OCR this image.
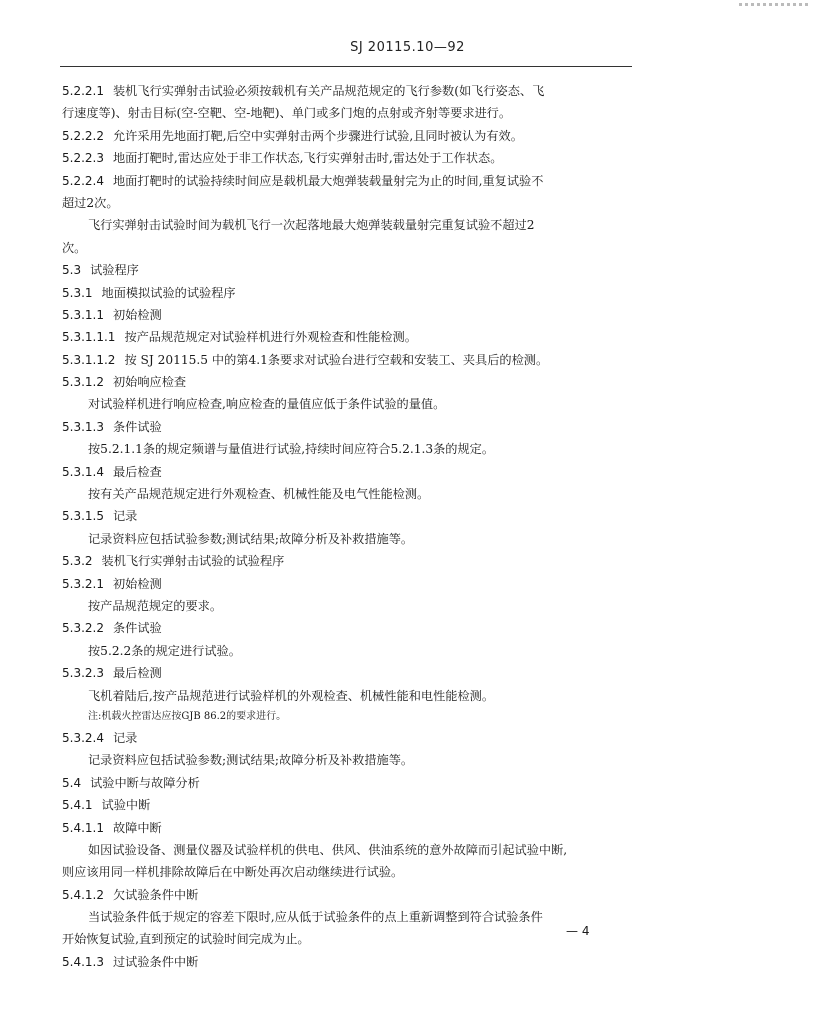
SJ 20115.10—92
5.2.2.1 装机飞行实弹射击试验必须按载机有关产品规范规定的飞行参数(如飞行姿态、飞
行速度等)、射击目标(空-空靶、空-地靶)、单门或多门炮的点射或齐射等要求进行。
5.2.2.2 允许采用先地面打靶,后空中实弹射击两个步骤进行试验,且同时被认为有效。
5.2.2.3 地面打靶时,雷达应处于非工作状态,飞行实弹射击时,雷达处于工作状态。
5.2.2.4 地面打靶时的试验持续时间应是载机最大炮弹装载量射完为止的时间,重复试验不
超过2次。
飞行实弹射击试验时间为载机飞行一次起落地最大炮弹装载量射完重复试验不超过2
次。
5.3 试验程序
5.3.1 地面模拟试验的试验程序
5.3.1.1 初始检测
5.3.1.1.1 按产品规范规定对试验样机进行外观检查和性能检测。
5.3.1.1.2 按 SJ 20115.5 中的第4.1条要求对试验台进行空载和安装工、夹具后的检测。
5.3.1.2 初始响应检查
对试验样机进行响应检查,响应检查的量值应低于条件试验的量值。
5.3.1.3 条件试验
按5.2.1.1条的规定频谱与量值进行试验,持续时间应符合5.2.1.3条的规定。
5.3.1.4 最后检查
按有关产品规范规定进行外观检查、机械性能及电气性能检测。
5.3.1.5 记录
记录资料应包括试验参数;测试结果;故障分析及补救措施等。
5.3.2 装机飞行实弹射击试验的试验程序
5.3.2.1 初始检测
按产品规范规定的要求。
5.3.2.2 条件试验
按5.2.2条的规定进行试验。
5.3.2.3 最后检测
飞机着陆后,按产品规范进行试验样机的外观检查、机械性能和电性能检测。
注:机载火控雷达应按GJB 86.2的要求进行。
5.3.2.4 记录
记录资料应包括试验参数;测试结果;故障分析及补救措施等。
5.4 试验中断与故障分析
5.4.1 试验中断
5.4.1.1 故障中断
如因试验设备、测量仪器及试验样机的供电、供风、供油系统的意外故障而引起试验中断,
则应该用同一样机排除故障后在中断处再次启动继续进行试验。
5.4.1.2 欠试验条件中断
当试验条件低于规定的容差下限时,应从低于试验条件的点上重新调整到符合试验条件
开始恢复试验,直到预定的试验时间完成为止。
5.4.1.3 过试验条件中断
— 4
